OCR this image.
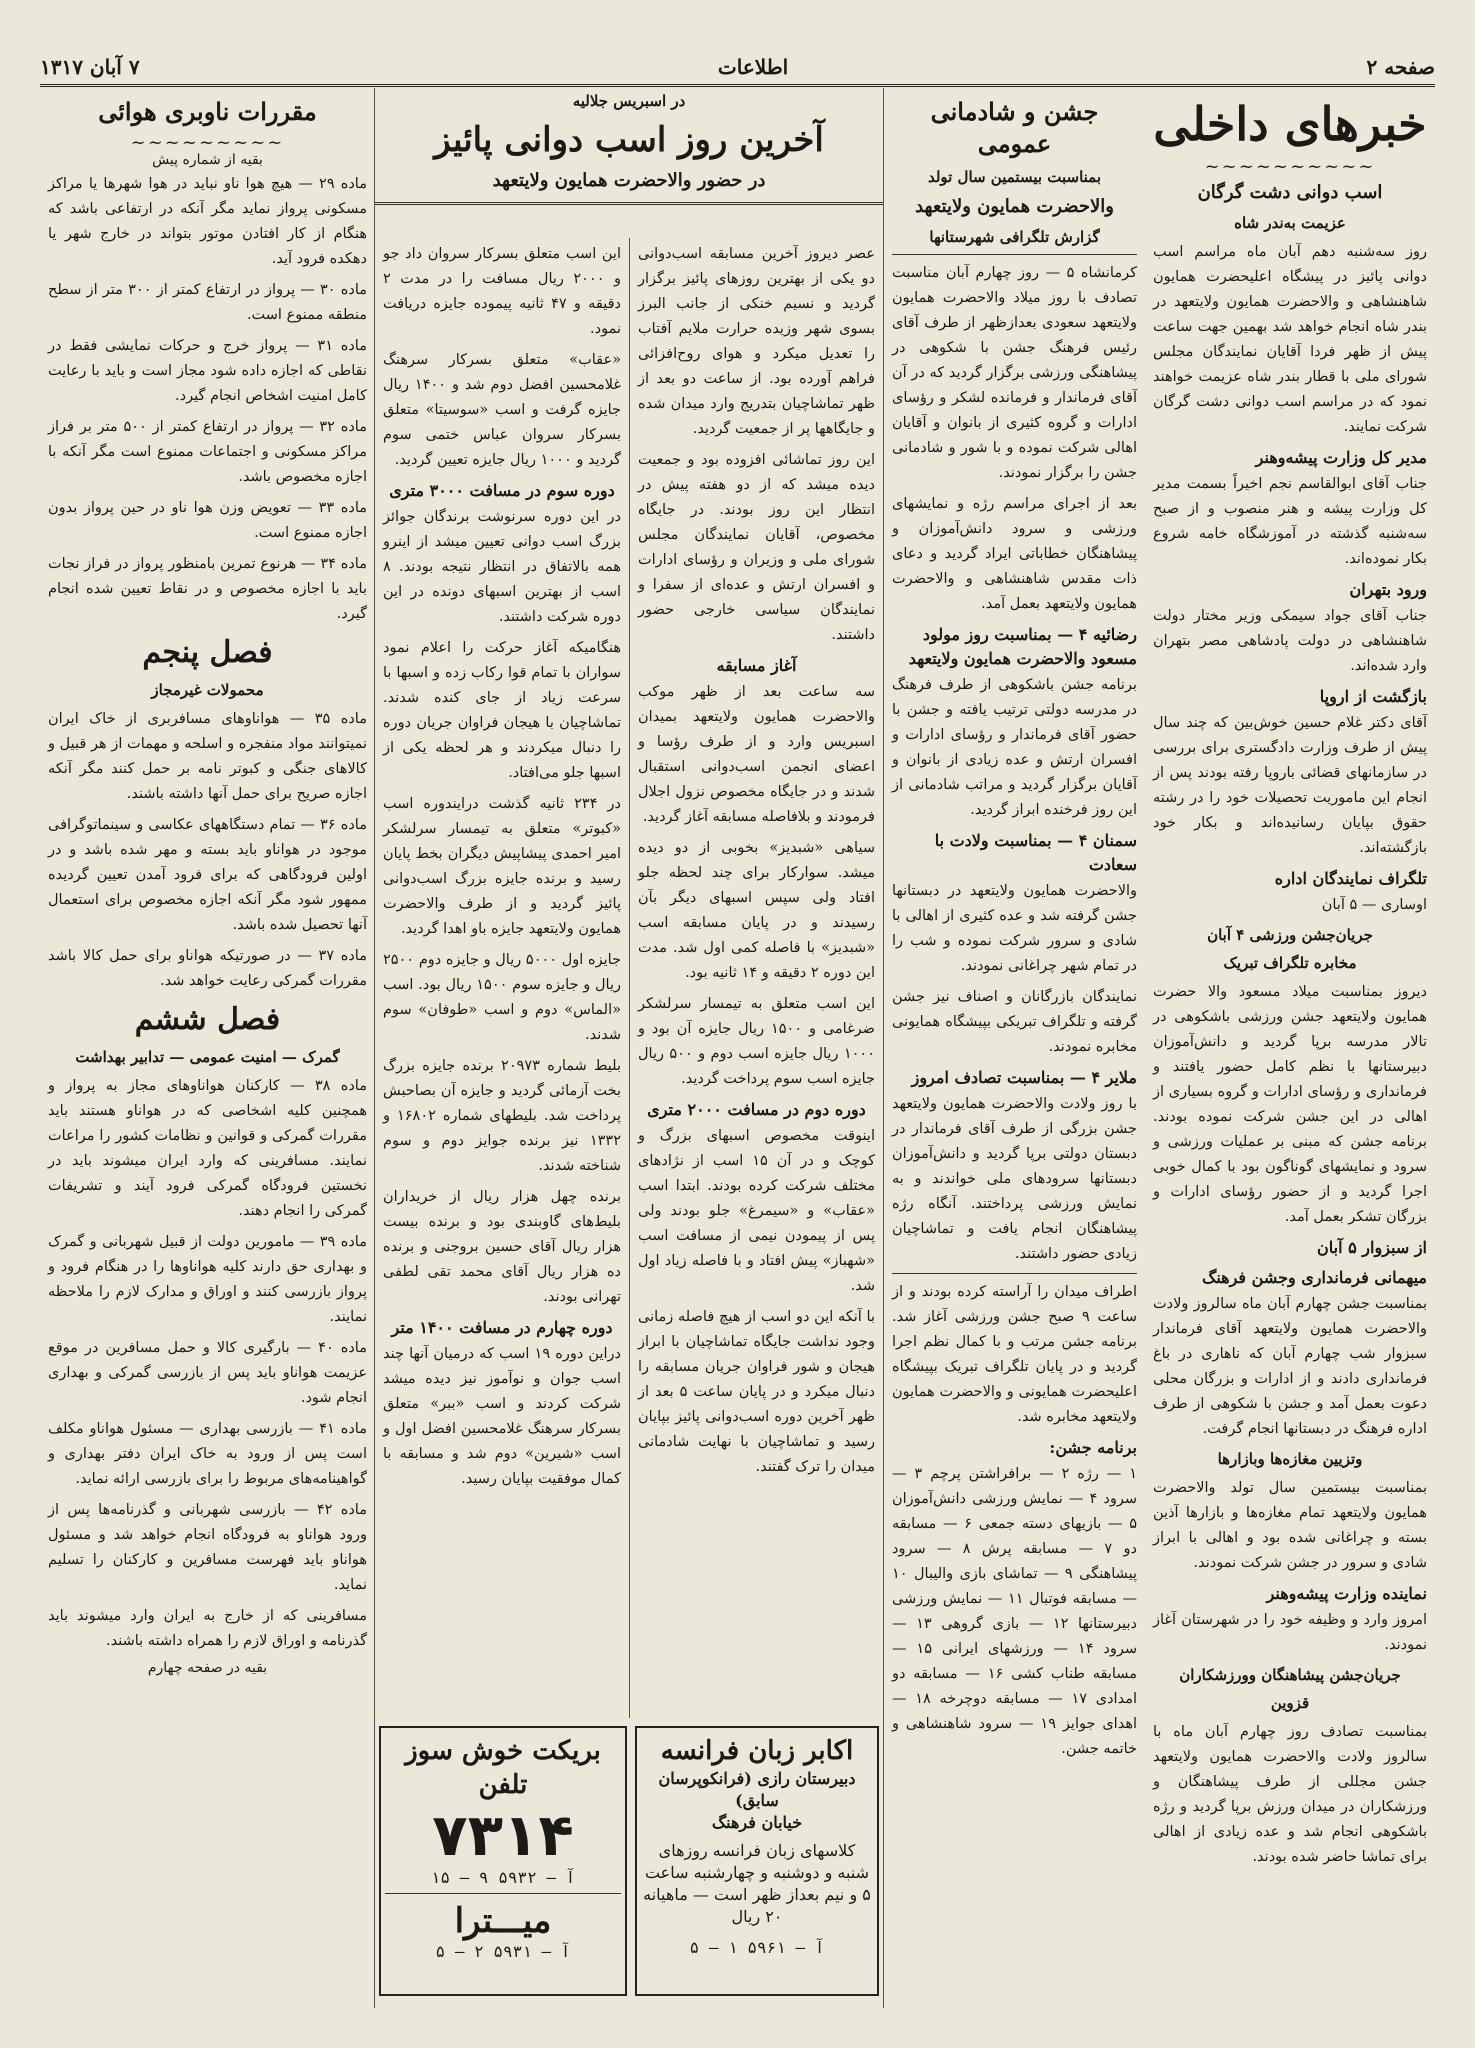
صفحه ۲
اطلاعات
۷ آبان ۱۳۱۷
خبرهای داخلی
~~~~~~~~~~
اسب دوانی دشت گرگان
عزیمت به‌ندر شاه

روز سه‌شنبه دهم آبان ماه مراسم اسب دوانی پائیز در پیشگاه اعلیحضرت همایون شاهنشاهی و والاحضرت همایون ولایتعهد در بندر شاه انجام خواهد شد بهمین جهت ساعت پیش از ظهر فردا آقایان نمایندگان مجلس شورای ملی با قطار بندر شاه عزیمت خواهند نمود که در مراسم اسب دوانی دشت گرگان شرکت نمایند.

مدیر کل وزارت پیشه‌وهنر

جناب آقای ابوالقاسم نجم اخیراً بسمت مدیر کل وزارت پیشه و هنر منصوب و از صبح سه‌شنبه گذشته در آموزشگاه خامه شروع بکار نموده‌اند.

ورود بتهران

جناب آقای جواد سیمکی وزیر مختار دولت شاهنشاهی در دولت پادشاهی مصر بتهران وارد شده‌اند.

بازگشت از اروپا

آقای دکتر غلام حسین خوش‌بین که چند سال پیش از طرف وزارت دادگستری برای بررسی در سازمانهای قضائی باروپا رفته بودند پس از انجام این ماموریت تحصیلات خود را در رشته حقوق بپایان رسانیده‌اند و بکار خود بازگشته‌اند.

تلگراف نمایندگان اداره

اوساری — ۵ آبان

جریان‌جشن ورزشی ۴ آبان
مخابره تلگراف تبریک

دیروز بمناسبت میلاد مسعود والا حضرت همایون ولایتعهد جشن ورزشی باشکوهی در تالار مدرسه برپا گردید و دانش‌آموزان دبیرستانها با نظم کامل حضور یافتند و فرمانداری و رؤسای ادارات و گروه بسیاری از اهالی در این جشن شرکت نموده بودند. برنامه جشن که مبنی بر عملیات ورزشی و سرود و نمایشهای گوناگون بود با کمال خوبی اجرا گردید و از حضور رؤسای ادارات و بزرگان تشکر بعمل آمد.

از سبزوار ۵ آبان
میهمانی فرمانداری وجشن فرهنگ

بمناسبت جشن چهارم آبان ماه سالروز ولادت والاحضرت همایون ولایتعهد آقای فرماندار سبزوار شب چهارم آبان که ناهاری در باغ فرمانداری دادند و از ادارات و بزرگان محلی دعوت بعمل آمد و جشن با شکوهی از طرف اداره فرهنگ در دبستانها انجام گرفت.

وتزیین مغازه‌ها وبازارها

بمناسبت بیستمین سال تولد والاحضرت همایون ولایتعهد تمام مغازه‌ها و بازارها آذین بسته و چراغانی شده بود و اهالی با ابراز شادی و سرور در جشن شرکت نمودند.

نماینده وزارت پیشه‌وهنر

امروز وارد و وظیفه خود را در شهرستان آغاز نمودند.

جریان‌جشن پیشاهنگان وورزشکاران
قزوین

بمناسبت تصادف روز چهارم آبان ماه با سالروز ولادت والاحضرت همایون ولایتعهد جشن مجللی از طرف پیشاهنگان و ورزشکاران در میدان ورزش برپا گردید و رژه باشکوهی انجام شد و عده زیادی از اهالی برای تماشا حاضر شده بودند.

جشن و شادمانی عمومی
بمناسبت بیستمین سال تولد
والاحضرت همایون ولایتعهد
گزارش تلگرافی شهرستانها

کرمانشاه ۵ — روز چهارم آبان مناسبت تصادف با روز میلاد والاحضرت همایون ولایتعهد سعودی بعدازظهر از طرف آقای رئیس فرهنگ جشن با شکوهی در پیشاهنگی ورزشی برگزار گردید که در آن آقای فرماندار و فرمانده لشکر و رؤسای ادارات و گروه کثیری از بانوان و آقایان اهالی شرکت نموده و با شور و شادمانی جشن را برگزار نمودند.

بعد از اجرای مراسم رژه و نمایشهای ورزشی و سرود دانش‌آموزان و پیشاهنگان خطاباتی ایراد گردید و دعای ذات مقدس شاهنشاهی و والاحضرت همایون ولایتعهد بعمل آمد.

رضائیه ۴ — بمناسبت روز مولود مسعود والاحضرت همایون ولایتعهد

برنامه جشن باشکوهی از طرف فرهنگ در مدرسه دولتی ترتیب یافته و جشن با حضور آقای فرماندار و رؤسای ادارات و افسران ارتش و عده زیادی از بانوان و آقایان برگزار گردید و مراتب شادمانی از این روز فرخنده ابراز گردید.

سمنان ۴ — بمناسبت ولادت با سعادت

والاحضرت همایون ولایتعهد در دبستانها جشن گرفته شد و عده کثیری از اهالی با شادی و سرور شرکت نموده و شب را در تمام شهر چراغانی نمودند.

نمایندگان بازرگانان و اصناف نیز جشن گرفته و تلگراف تبریکی بپیشگاه همایونی مخابره نمودند.

ملایر ۴ — بمناسبت تصادف امروز

با روز ولادت والاحضرت همایون ولایتعهد جشن بزرگی از طرف آقای فرماندار در دبستان دولتی برپا گردید و دانش‌آموزان دبستانها سرودهای ملی خواندند و به نمایش ورزشی پرداختند. آنگاه رژه پیشاهنگان انجام یافت و تماشاچیان زیادی حضور داشتند.

اطراف میدان را آراسته کرده بودند و از ساعت ۹ صبح جشن ورزشی آغاز شد. برنامه جشن مرتب و با کمال نظم اجرا گردید و در پایان تلگراف تبریک بپیشگاه اعلیحضرت همایونی و والاحضرت همایون ولایتعهد مخابره شد.

برنامه جشن:

۱ — رژه ۲ — برافراشتن پرچم ۳ — سرود ۴ — نمایش ورزشی دانش‌آموزان ۵ — بازیهای دسته جمعی ۶ — مسابقه دو ۷ — مسابقه پرش ۸ — سرود پیشاهنگی ۹ — تماشای بازی والیبال ۱۰ — مسابقه فوتبال ۱۱ — نمایش ورزشی دبیرستانها ۱۲ — بازی گروهی ۱۳ — سرود ۱۴ — ورزشهای ایرانی ۱۵ — مسابقه طناب کشی ۱۶ — مسابقه دو امدادی ۱۷ — مسابقه دوچرخه ۱۸ — اهدای جوایز ۱۹ — سرود شاهنشاهی و خاتمه جشن.

در اسبریس جلالیه
آخرین روز اسب دوانی پائیز
در حضور والاحضرت همایون ولایتعهد

عصر دیروز آخرین مسابقه اسب‌دوانی دو یکی از بهترین روزهای پائیز برگزار گردید و نسیم خنکی از جانب البرز بسوی شهر وزیده حرارت ملایم آفتاب را تعدیل میکرد و هوای روح‌افزائی فراهم آورده بود. از ساعت دو بعد از ظهر تماشاچیان بتدریج وارد میدان شده و جایگاهها پر از جمعیت گردید.

این روز تماشائی افزوده بود و جمعیت دیده میشد که از دو هفته پیش در انتظار این روز بودند. در جایگاه مخصوص، آقایان نمایندگان مجلس شورای ملی و وزیران و رؤسای ادارات و افسران ارتش و عده‌ای از سفرا و نمایندگان سیاسی خارجی حضور داشتند.

آغاز مسابقه

سه ساعت بعد از ظهر موکب والاحضرت همایون ولایتعهد بمیدان اسبریس وارد و از طرف رؤسا و اعضای انجمن اسب‌دوانی استقبال شدند و در جایگاه مخصوص نزول اجلال فرمودند و بلافاصله مسابقه آغاز گردید.

سیاهی «شبدیز» بخوبی از دو دیده میشد. سوارکار برای چند لحظه جلو افتاد ولی سپس اسبهای دیگر بآن رسیدند و در پایان مسابقه اسب «شبدیز» با فاصله کمی اول شد. مدت این دوره ۲ دقیقه و ۱۴ ثانیه بود.

این اسب متعلق به تیمسار سرلشکر ضرغامی و ۱۵۰۰ ریال جایزه آن بود و ۱۰۰۰ ریال جایزه اسب دوم و ۵۰۰ ریال جایزه اسب سوم پرداخت گردید.

دوره دوم در مسافت ۲۰۰۰ متری

اینوقت مخصوص اسبهای بزرگ و کوچک و در آن ۱۵ اسب از نژادهای مختلف شرکت کرده بودند. ابتدا اسب «عقاب» و «سیمرغ» جلو بودند ولی پس از پیمودن نیمی از مسافت اسب «شهباز» پیش افتاد و با فاصله زیاد اول شد.

با آنکه این دو اسب از هیچ فاصله زمانی وجود نداشت جایگاه تماشاچیان با ابراز هیجان و شور فراوان جریان مسابقه را دنبال میکرد و در پایان ساعت ۵ بعد از ظهر آخرین دوره اسب‌دوانی پائیز بپایان رسید و تماشاچیان با نهایت شادمانی میدان را ترک گفتند.

این اسب متعلق بسرکار سروان داد جو و ۲۰۰۰ ریال مسافت را در مدت ۲ دقیقه و ۴۷ ثانیه پیموده جایزه دریافت نمود.

«عقاب» متعلق بسرکار سرهنگ غلامحسین افضل دوم شد و ۱۴۰۰ ریال جایزه گرفت و اسب «سوسیتا» متعلق بسرکار سروان عباس ختمی سوم گردید و ۱۰۰۰ ریال جایزه تعیین گردید.

دوره سوم در مسافت ۳۰۰۰ متری

در این دوره سرنوشت برندگان جوائز بزرگ اسب دوانی تعیین میشد از اینرو همه بالاتفاق در انتظار نتیجه بودند. ۸ اسب از بهترین اسبهای دونده در این دوره شرکت داشتند.

هنگامیکه آغاز حرکت را اعلام نمود سواران با تمام قوا رکاب زده و اسبها با سرعت زیاد از جای کنده شدند. تماشاچیان با هیجان فراوان جریان دوره را دنبال میکردند و هر لحظه یکی از اسبها جلو می‌افتاد.

در ۲۳۴ ثانیه گذشت درایندوره اسب «کبوتر» متعلق به تیمسار سرلشکر امیر احمدی پیشاپیش دیگران بخط پایان رسید و برنده جایزه بزرگ اسب‌دوانی پائیز گردید و از طرف والاحضرت همایون ولایتعهد جایزه باو اهدا گردید.

جایزه اول ۵۰۰۰ ریال و جایزه دوم ۲۵۰۰ ریال و جایزه سوم ۱۵۰۰ ریال بود. اسب «الماس» دوم و اسب «طوفان» سوم شدند.

بلیط شماره ۲۰۹۷۳ برنده جایزه بزرگ بخت آزمائی گردید و جایزه آن بصاحبش پرداخت شد. بلیطهای شماره ۱۶۸۰۲ و ۱۳۳۲ نیز برنده جوایز دوم و سوم شناخته شدند.

برنده چهل هزار ریال از خریداران بلیط‌های گاوبندی بود و برنده بیست هزار ریال آقای حسین بروجنی و برنده ده هزار ریال آقای محمد تقی لطفی تهرانی بودند.

دوره چهارم در مسافت ۱۴۰۰ متر

دراین دوره ۱۹ اسب که درمیان آنها چند اسب جوان و نوآموز نیز دیده میشد شرکت کردند و اسب «ببر» متعلق بسرکار سرهنگ غلامحسین افضل اول و اسب «شیرین» دوم شد و مسابقه با کمال موفقیت بپایان رسید.

اکابر زبان فرانسه
دبیرستان رازی (فرانکوپرسان سابق)
خیابان فرهنگ
کلاسهای زبان فرانسه روزهای شنبه و دوشنبه و چهارشنبه ساعت ۵ و نیم بعداز ظهر است — ماهیانه ۲۰ ریال
آ — ۵۹۶۱ ۱ — ۵
بریکت خوش سوز
تلفن
۷۳۱۴
آ — ۵۹۳۲ ۹ — ۱۵
میـــترا
آ — ۵۹۳۱ ۲ — ۵
مقررات ناوبری هوائی
~~~~~~~~~
بقیه از شماره پیش

ماده ۲۹ — هیچ هوا ناو نباید در هوا شهرها یا مراکز مسکونی پرواز نماید مگر آنکه در ارتفاعی باشد که هنگام از کار افتادن موتور بتواند در خارج شهر یا دهکده فرود آید.

ماده ۳۰ — پرواز در ارتفاع کمتر از ۳۰۰ متر از سطح منطقه ممنوع است.

ماده ۳۱ — پرواز خرج و حرکات نمایشی فقط در نقاطی که اجازه داده شود مجاز است و باید با رعایت کامل امنیت اشخاص انجام گیرد.

ماده ۳۲ — پرواز در ارتفاع کمتر از ۵۰۰ متر بر فراز مراکز مسکونی و اجتماعات ممنوع است مگر آنکه با اجازه مخصوص باشد.

ماده ۳۳ — تعویض وزن هوا ناو در حین پرواز بدون اجازه ممنوع است.

ماده ۳۴ — هرنوع تمرین بامنظور پرواز در فراز نجات باید با اجازه مخصوص و در نقاط تعیین شده انجام گیرد.

فصل پنجم
محمولات غیرمجاز

ماده ۳۵ — هواناوهای مسافربری از خاک ایران نمیتوانند مواد منفجره و اسلحه و مهمات از هر قبیل و کالاهای جنگی و کبوتر نامه بر حمل کنند مگر آنکه اجازه صریح برای حمل آنها داشته باشند.

ماده ۳۶ — تمام دستگاههای عکاسی و سینماتوگرافی موجود در هواناو باید بسته و مهر شده باشد و در اولین فرودگاهی که برای فرود آمدن تعیین گردیده ممهور شود مگر آنکه اجازه مخصوص برای استعمال آنها تحصیل شده باشد.

ماده ۳۷ — در صورتیکه هواناو برای حمل کالا باشد مقررات گمرکی رعایت خواهد شد.

فصل ششم
گمرک — امنیت عمومی — تدابیر بهداشت

ماده ۳۸ — کارکنان هواناوهای مجاز به پرواز و همچنین کلیه اشخاصی که در هواناو هستند باید مقررات گمرکی و قوانین و نظامات کشور را مراعات نمایند. مسافرینی که وارد ایران میشوند باید در نخستین فرودگاه گمرکی فرود آیند و تشریفات گمرکی را انجام دهند.

ماده ۳۹ — مامورین دولت از قبیل شهربانی و گمرک و بهداری حق دارند کلیه هواناوها را در هنگام فرود و پرواز بازرسی کنند و اوراق و مدارک لازم را ملاحظه نمایند.

ماده ۴۰ — بارگیری کالا و حمل مسافرین در موقع عزیمت هواناو باید پس از بازرسی گمرکی و بهداری انجام شود.

ماده ۴۱ — بازرسی بهداری — مسئول هواناو مکلف است پس از ورود به خاک ایران دفتر بهداری و گواهینامه‌های مربوط را برای بازرسی ارائه نماید.

ماده ۴۲ — بازرسی شهربانی و گذرنامه‌ها پس از ورود هواناو به فرودگاه انجام خواهد شد و مسئول هواناو باید فهرست مسافرین و کارکنان را تسلیم نماید.

مسافرینی که از خارج به ایران وارد میشوند باید گذرنامه و اوراق لازم را همراه داشته باشند.

بقیه در صفحه چهارم
